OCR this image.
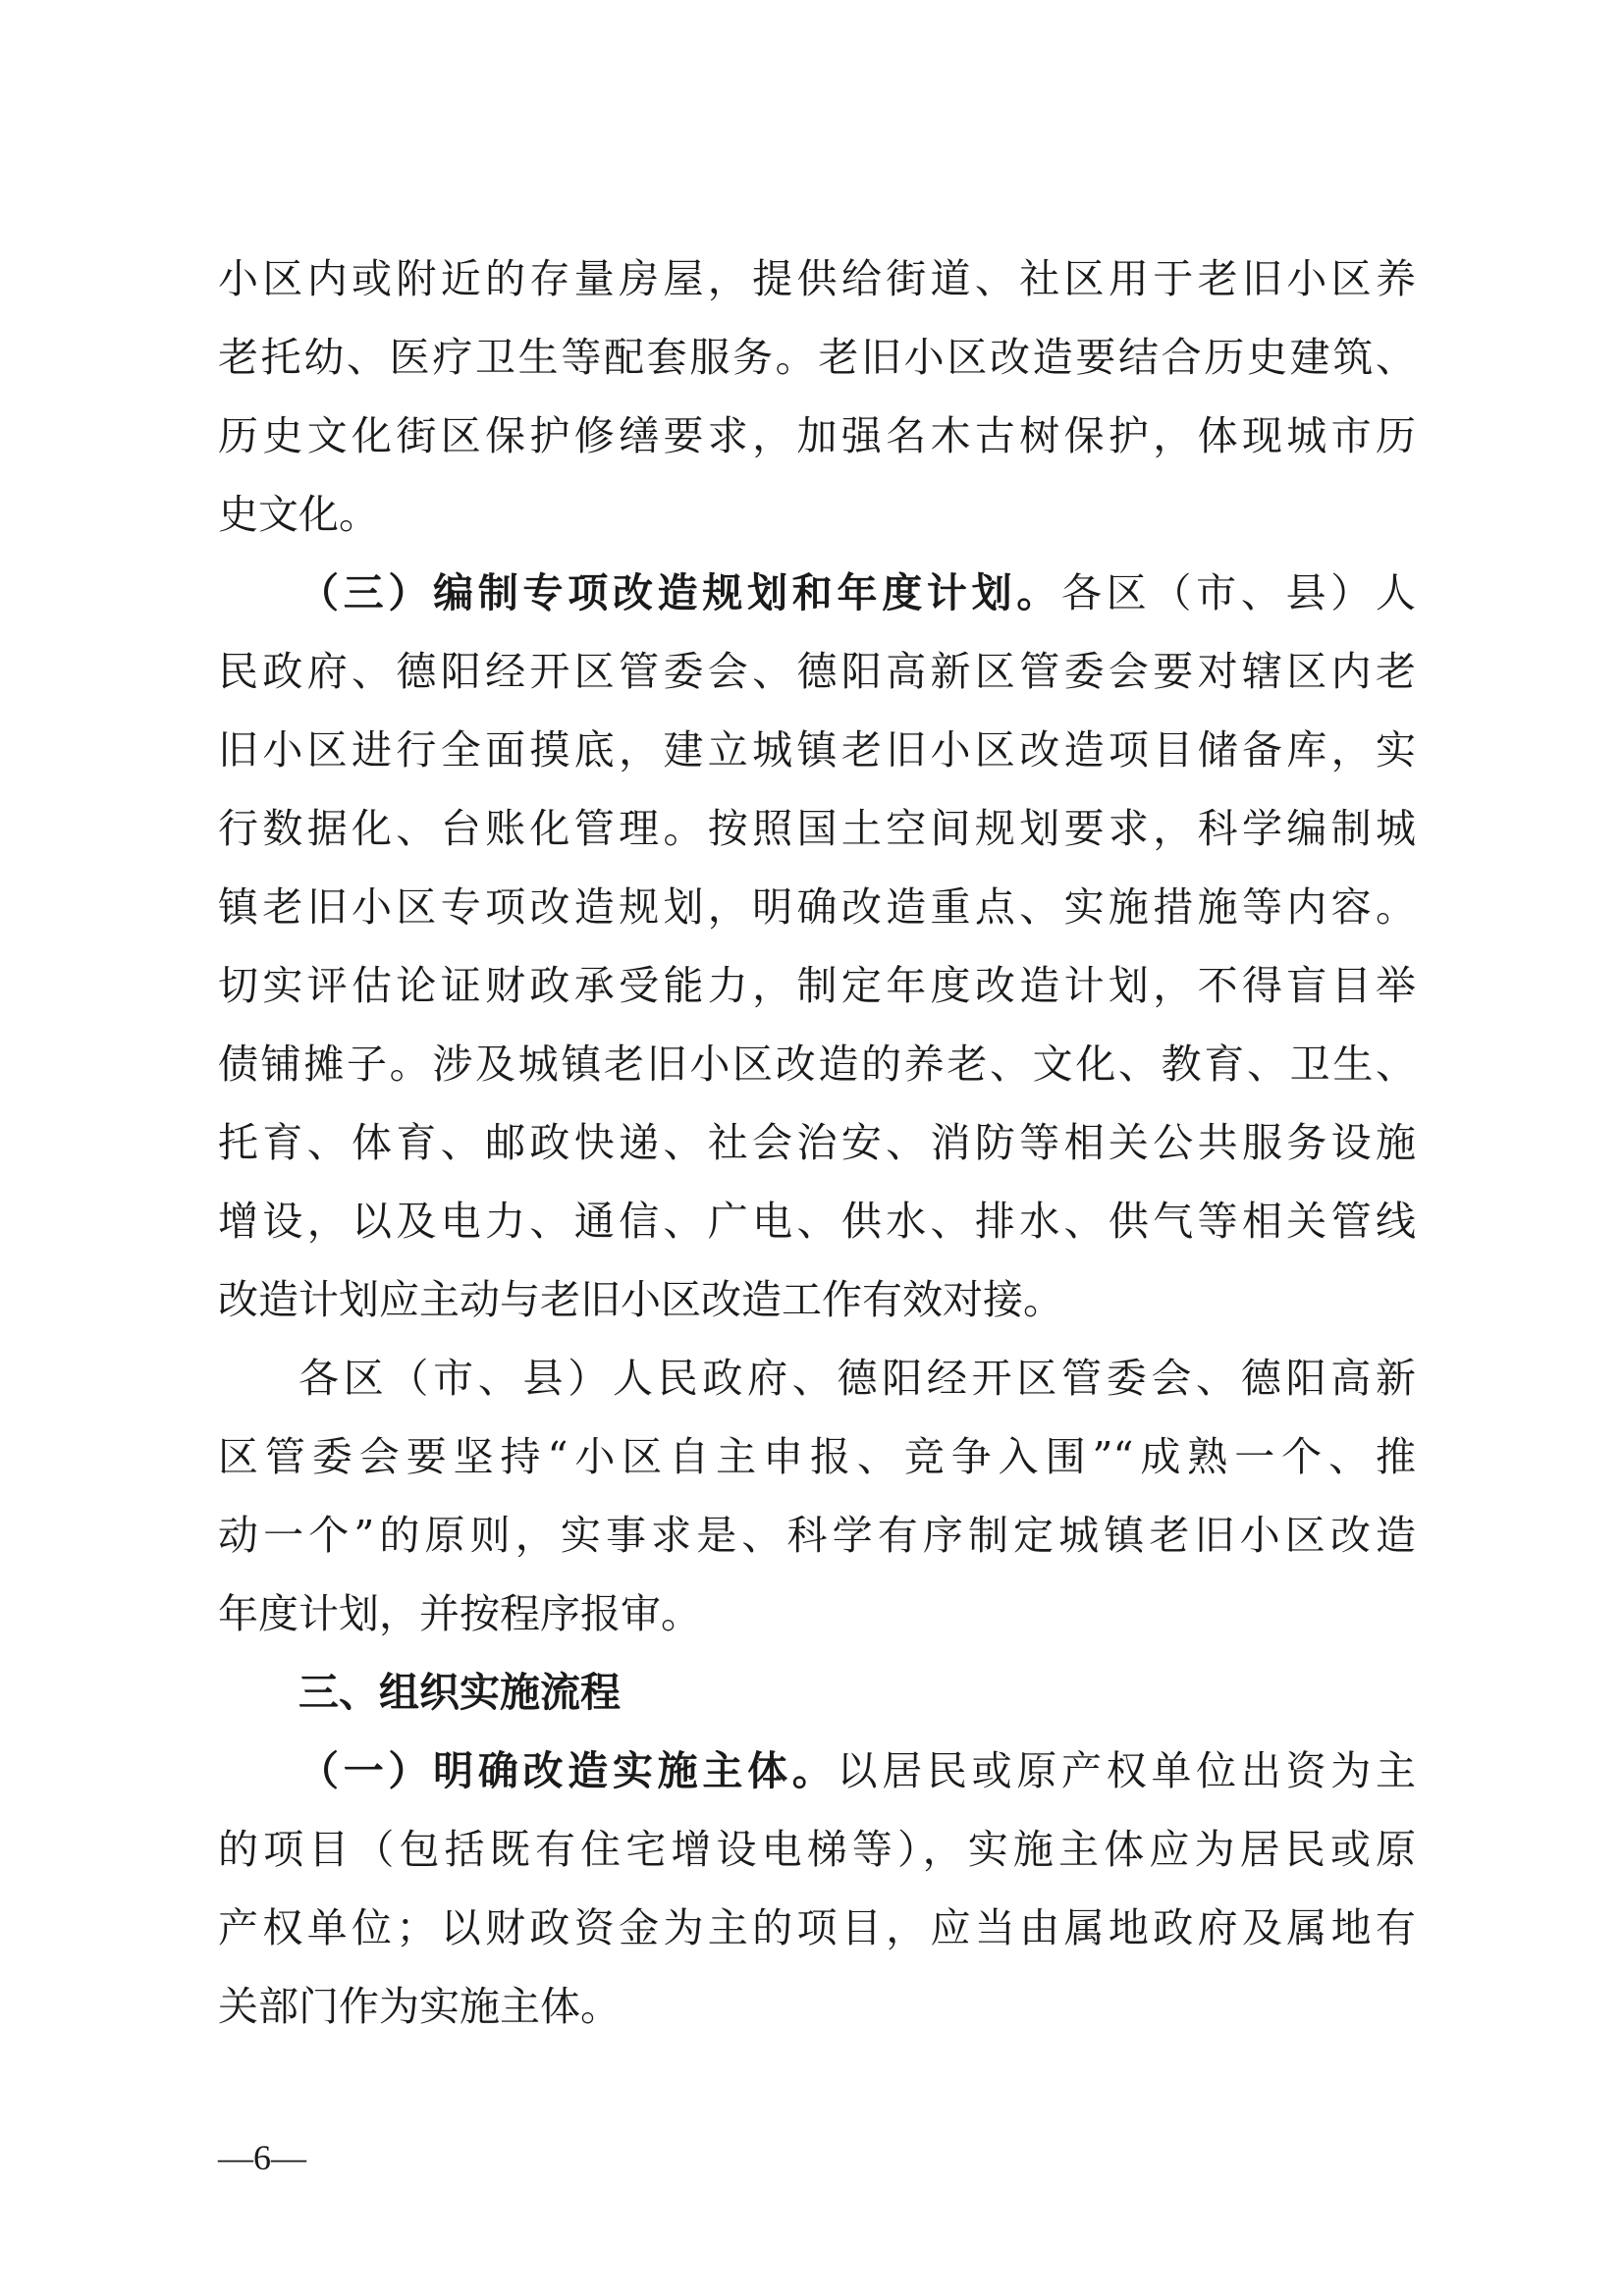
小区内或附近的存量房屋，提供给街道、社区用于老旧小区养
老托幼、医疗卫生等配套服务。老旧小区改造要结合历史建筑、
历史文化街区保护修缮要求，加强名木古树保护，体现城市历
史文化。
（三）编制专项改造规划和年度计划。各区（市、县）人
民政府、德阳经开区管委会、德阳高新区管委会要对辖区内老
旧小区进行全面摸底，建立城镇老旧小区改造项目储备库，实
行数据化、台账化管理。按照国土空间规划要求，科学编制城
镇老旧小区专项改造规划，明确改造重点、实施措施等内容。
切实评估论证财政承受能力，制定年度改造计划，不得盲目举
债铺摊子。涉及城镇老旧小区改造的养老、文化、教育、卫生、
托育、体育、邮政快递、社会治安、消防等相关公共服务设施
增设，以及电力、通信、广电、供水、排水、供气等相关管线
改造计划应主动与老旧小区改造工作有效对接。
各区（市、县）人民政府、德阳经开区管委会、德阳高新
区管委会要坚持“小区自主申报、竞争入围”“成熟一个、推
动一个”的原则，实事求是、科学有序制定城镇老旧小区改造
年度计划，并按程序报审。
三、组织实施流程
（一）明确改造实施主体。以居民或原产权单位出资为主
的项目（包括既有住宅增设电梯等），实施主体应为居民或原
产权单位；以财政资金为主的项目，应当由属地政府及属地有
关部门作为实施主体。
—6—
